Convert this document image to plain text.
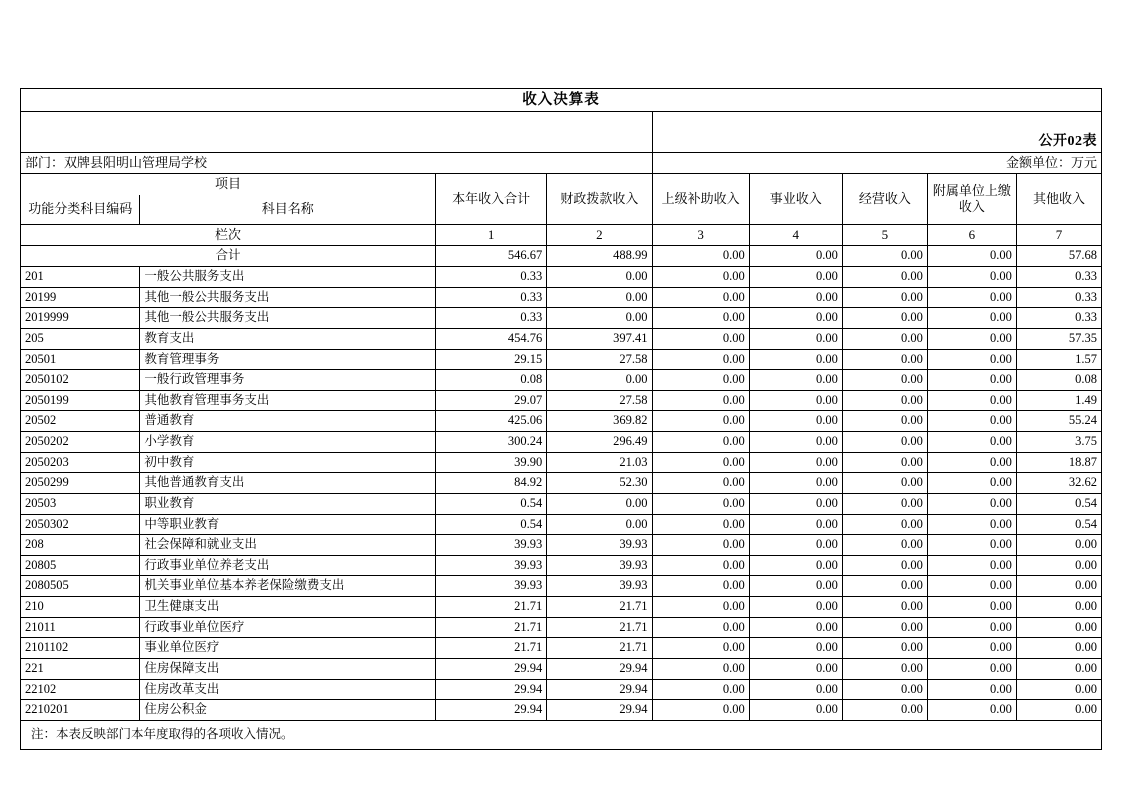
收入决算表								

				公开02表				
部门：双牌县阳明山管理局学校				金额单位：万元				
项目		本年收入合计	财政拨款收入	上级补助收入	事业收入	经营收入	附属单位上缴收入	其他收入
功能分类科目编码	科目名称							
栏次		1	2	3	4	5	6	7
合计		546.67	488.99	0.00	0.00	0.00	0.00	57.68
201	一般公共服务支出	0.33	0.00	0.00	0.00	0.00	0.00	0.33
20199	其他一般公共服务支出	0.33	0.00	0.00	0.00	0.00	0.00	0.33
2019999	其他一般公共服务支出	0.33	0.00	0.00	0.00	0.00	0.00	0.33
205	教育支出	454.76	397.41	0.00	0.00	0.00	0.00	57.35
20501	教育管理事务	29.15	27.58	0.00	0.00	0.00	0.00	1.57
2050102	一般行政管理事务	0.08	0.00	0.00	0.00	0.00	0.00	0.08
2050199	其他教育管理事务支出	29.07	27.58	0.00	0.00	0.00	0.00	1.49
20502	普通教育	425.06	369.82	0.00	0.00	0.00	0.00	55.24
2050202	小学教育	300.24	296.49	0.00	0.00	0.00	0.00	3.75
2050203	初中教育	39.90	21.03	0.00	0.00	0.00	0.00	18.87
2050299	其他普通教育支出	84.92	52.30	0.00	0.00	0.00	0.00	32.62
20503	职业教育	0.54	0.00	0.00	0.00	0.00	0.00	0.54
2050302	中等职业教育	0.54	0.00	0.00	0.00	0.00	0.00	0.54
208	社会保障和就业支出	39.93	39.93	0.00	0.00	0.00	0.00	0.00
20805	行政事业单位养老支出	39.93	39.93	0.00	0.00	0.00	0.00	0.00
2080505	机关事业单位基本养老保险缴费支出	39.93	39.93	0.00	0.00	0.00	0.00	0.00
210	卫生健康支出	21.71	21.71	0.00	0.00	0.00	0.00	0.00
21011	行政事业单位医疗	21.71	21.71	0.00	0.00	0.00	0.00	0.00
2101102	事业单位医疗	21.71	21.71	0.00	0.00	0.00	0.00	0.00
221	住房保障支出	29.94	29.94	0.00	0.00	0.00	0.00	0.00
22102	住房改革支出	29.94	29.94	0.00	0.00	0.00	0.00	0.00
2210201	住房公积金	29.94	29.94	0.00	0.00	0.00	0.00	0.00
注：本表反映部门本年度取得的各项收入情况。
